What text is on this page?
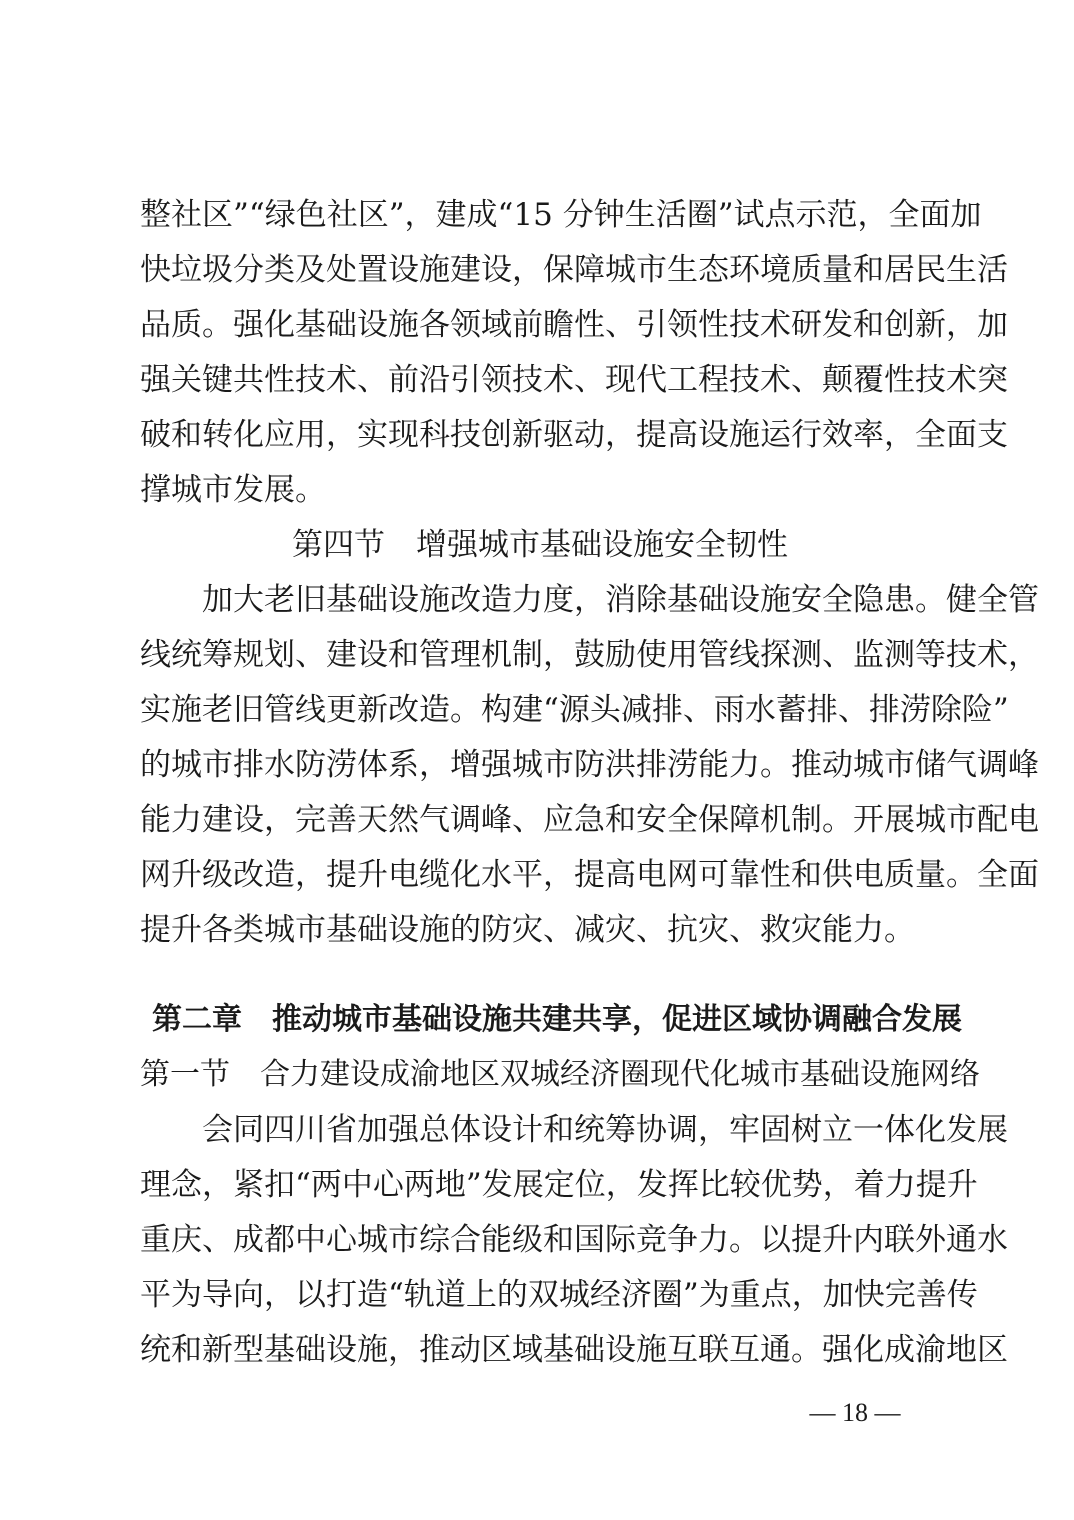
整社区”“绿色社区”，建成“15 分钟生活圈”试点示范，全面加
快垃圾分类及处置设施建设，保障城市生态环境质量和居民生活
品质。强化基础设施各领域前瞻性、引领性技术研发和创新，加
强关键共性技术、前沿引领技术、现代工程技术、颠覆性技术突
破和转化应用，实现科技创新驱动，提高设施运行效率，全面支
撑城市发展。
第四节　增强城市基础设施安全韧性
加大老旧基础设施改造力度，消除基础设施安全隐患。健全管
线统筹规划、建设和管理机制，鼓励使用管线探测、监测等技术，
实施老旧管线更新改造。构建“源头减排、雨水蓄排、排涝除险”
的城市排水防涝体系，增强城市防洪排涝能力。推动城市储气调峰
能力建设，完善天然气调峰、应急和安全保障机制。开展城市配电
网升级改造，提升电缆化水平，提高电网可靠性和供电质量。全面
提升各类城市基础设施的防灾、减灾、抗灾、救灾能力。
第二章　推动城市基础设施共建共享，促进区域协调融合发展
第一节　合力建设成渝地区双城经济圈现代化城市基础设施网络
会同四川省加强总体设计和统筹协调，牢固树立一体化发展
理念，紧扣“两中心两地”发展定位，发挥比较优势，着力提升
重庆、成都中心城市综合能级和国际竞争力。以提升内联外通水
平为导向，以打造“轨道上的双城经济圈”为重点，加快完善传
统和新型基础设施，推动区域基础设施互联互通。强化成渝地区
— 18 —
